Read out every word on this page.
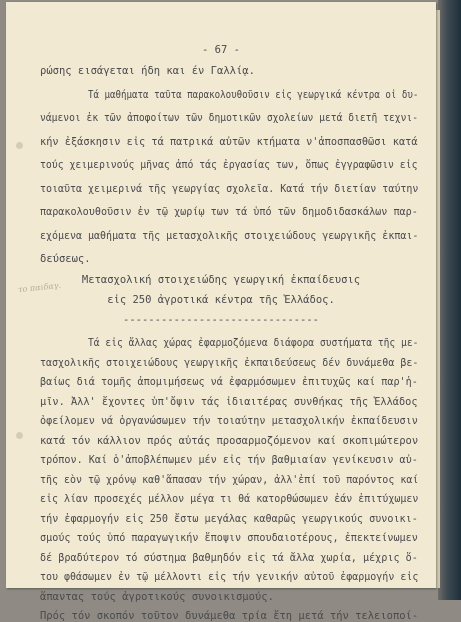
- 67 -
ρώσης εισάγεται ήδη και έν Γαλλίᾳ.
Τά μαθήματα ταῦτα παρακολουθοῦσιν εἰς γεωργικά κέντρα οἱ δυ-
νάμενοι ἐκ τῶν ἀποφοίτων τῶν δημοτικῶν σχολείων μετά διετῆ τεχνι-
κήν ἐξάσκησιν εἰς τά πατρικά αὐτῶν κτήματα ν'ἀποσπασθῶσι κατά
τούς χειμερινούς μῆνας ἀπό τάς ἐργασίας των, ὅπως ἐγγραφῶσιν εἰς
τοιαῦτα χειμερινά τῆς γεωργίας σχολεῖα. Κατά τήν διετίαν ταύτην
παρακολουθοῦσιν ἐν τῷ χωρίῳ των τά ὑπό τῶν δημοδιδασκάλων παρ-
εχόμενα μαθήματα τῆς μετασχολικῆς στοιχειώδους γεωργικῆς ἐκπαι-
δεύσεως.
Μετασχολική στοιχειώδης γεωργική ἐκπαίδευσις
εἰς 250 ἀγροτικά κέντρα τῆς Ἑλλάδος.
-------------------------------
Τά εἰς ἄλλας χώρας ἐφαρμοζόμενα διάφορα συστήματα τῆς με-
τασχολικῆς στοιχειώδους γεωργικῆς ἐκπαιδεύσεως δέν δυνάμεθα βε-
βαίως διά τομῆς ἀπομιμήσεως νά ἐφαρμόσωμεν ἐπιτυχῶς καί παρ'ἡ-
μῖν. Ἀλλ' ἔχοντες ὑπ'ὄψιν τάς ἰδιαιτέρας συνθήκας τῆς Ἑλλάδος
ὀφείλομεν νά ὀργανώσωμεν τήν τοιαύτην μετασχολικήν ἐκπαίδευσιν
κατά τόν κάλλιον πρός αὐτάς προσαρμοζόμενον καί σκοπιμώτερον
τρόπον. Καί ὁ'ἀποβλέπωμεν μέν εἰς τήν βαθμιαίαν γενίκευσιν αὐ-
τῆς εὸν τῷ χρόνῳ καθ'ἅπασαν τήν χώραν, ἀλλ'ἐπί τοῦ παρόντος καί
εἰς λίαν προσεχές μέλλον μέγα τι θά κατορθώσωμεν ἐάν ἐπιτύχωμεν
τήν ἐφαρμογήν εἰς 250 ἔστω μεγάλας καθαρῶς γεωργικούς συνοικι-
σμούς τούς ὑπό παραγωγικήν ἔποψιν σπουδαιοτέρους, ἐπεκτείνωμεν
δέ βραδύτερον τό σύστημα βαθμηδόν εἰς τά ἄλλα χωρία, μέχρις ὅ-
του φθάσωμεν ἐν τῷ μέλλοντι εἰς τήν γενικήν αὐτοῦ ἐφαρμογήν εἰς
ἅπαντας τούς ἀγροτικούς συνοικισμούς.
Πρός τόν σκοπόν τοῦτον δυνάμεθα τρία ἔτη μετά τήν τελειοποί-
το παιδαγ.
